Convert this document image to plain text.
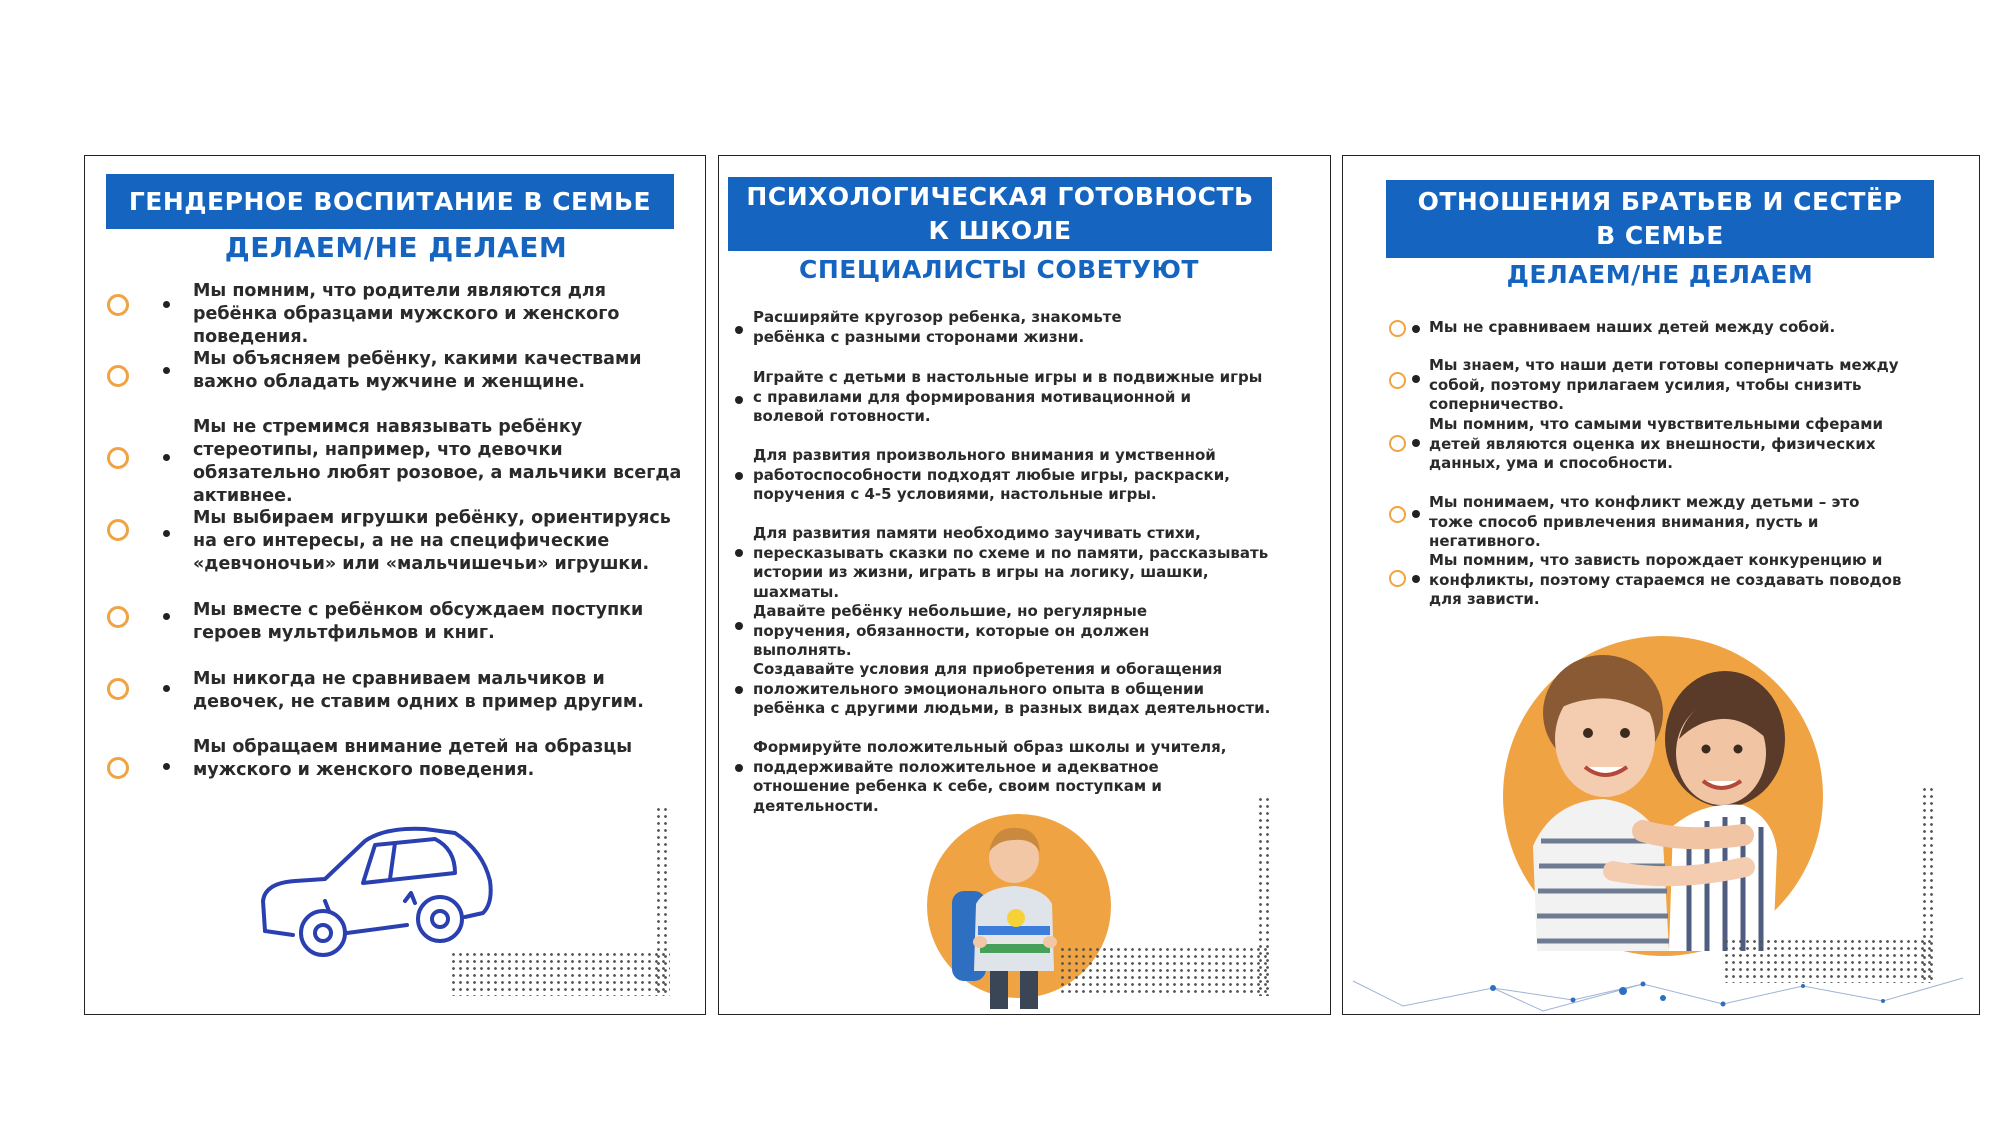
ГЕНДЕРНОЕ ВОСПИТАНИЕ В СЕМЬЕ
ДЕЛАЕМ/НЕ ДЕЛАЕМ
Мы помним, что родители являются для ребёнка образцами мужского и женского поведения.
Мы объясняем ребёнку, какими качествами важно обладать мужчине и женщине.
Мы не стремимся навязывать ребёнку стереотипы, например, что девочки обязательно любят розовое, а мальчики всегда активнее.
Мы выбираем игрушки ребёнку, ориентируясь на его интересы, а не на специфические «девчоночьи» или «мальчишечьи» игрушки.
Мы вместе с ребёнком обсуждаем поступки героев мультфильмов и книг.
Мы никогда не сравниваем мальчиков и девочек, не ставим одних в пример другим.
Мы обращаем внимание детей на образцы мужского и женского поведения.
ПСИХОЛОГИЧЕСКАЯ ГОТОВНОСТЬ
К ШКОЛЕ
СПЕЦИАЛИСТЫ СОВЕТУЮТ
Расширяйте кругозор ребенка, знакомьте ребёнка с разными сторонами жизни.
Играйте с детьми в настольные игры и в подвижные игры с правилами для формирования мотивационной и волевой готовности.
Для развития произвольного внимания и умственной работоспособности подходят любые игры, раскраски, поручения с 4-5 условиями, настольные игры.
Для развития памяти необходимо заучивать стихи, пересказывать сказки по схеме и по памяти, рассказывать истории из жизни, играть в игры на логику, шашки, шахматы.
Давайте ребёнку небольшие, но регулярные поручения, обязанности, которые он должен выполнять.
Создавайте условия для приобретения и обогащения положительного эмоционального опыта в общении ребёнка с другими людьми, в разных видах деятельности.
Формируйте положительный образ школы и учителя, поддерживайте положительное и адекватное отношение ребенка к себе, своим поступкам и деятельности.
ОТНОШЕНИЯ БРАТЬЕВ И СЕСТЁР
В СЕМЬЕ
ДЕЛАЕМ/НЕ ДЕЛАЕМ
Мы не сравниваем наших детей между собой.
Мы знаем, что наши дети готовы соперничать между собой, поэтому прилагаем усилия, чтобы снизить соперничество.
Мы помним, что самыми чувствительными сферами детей являются оценка их внешности, физических данных, ума и способности.
Мы понимаем, что конфликт между детьми – это тоже способ привлечения внимания, пусть и негативного.
Мы помним, что зависть порождает конкуренцию и конфликты, поэтому стараемся не создавать поводов для зависти.
